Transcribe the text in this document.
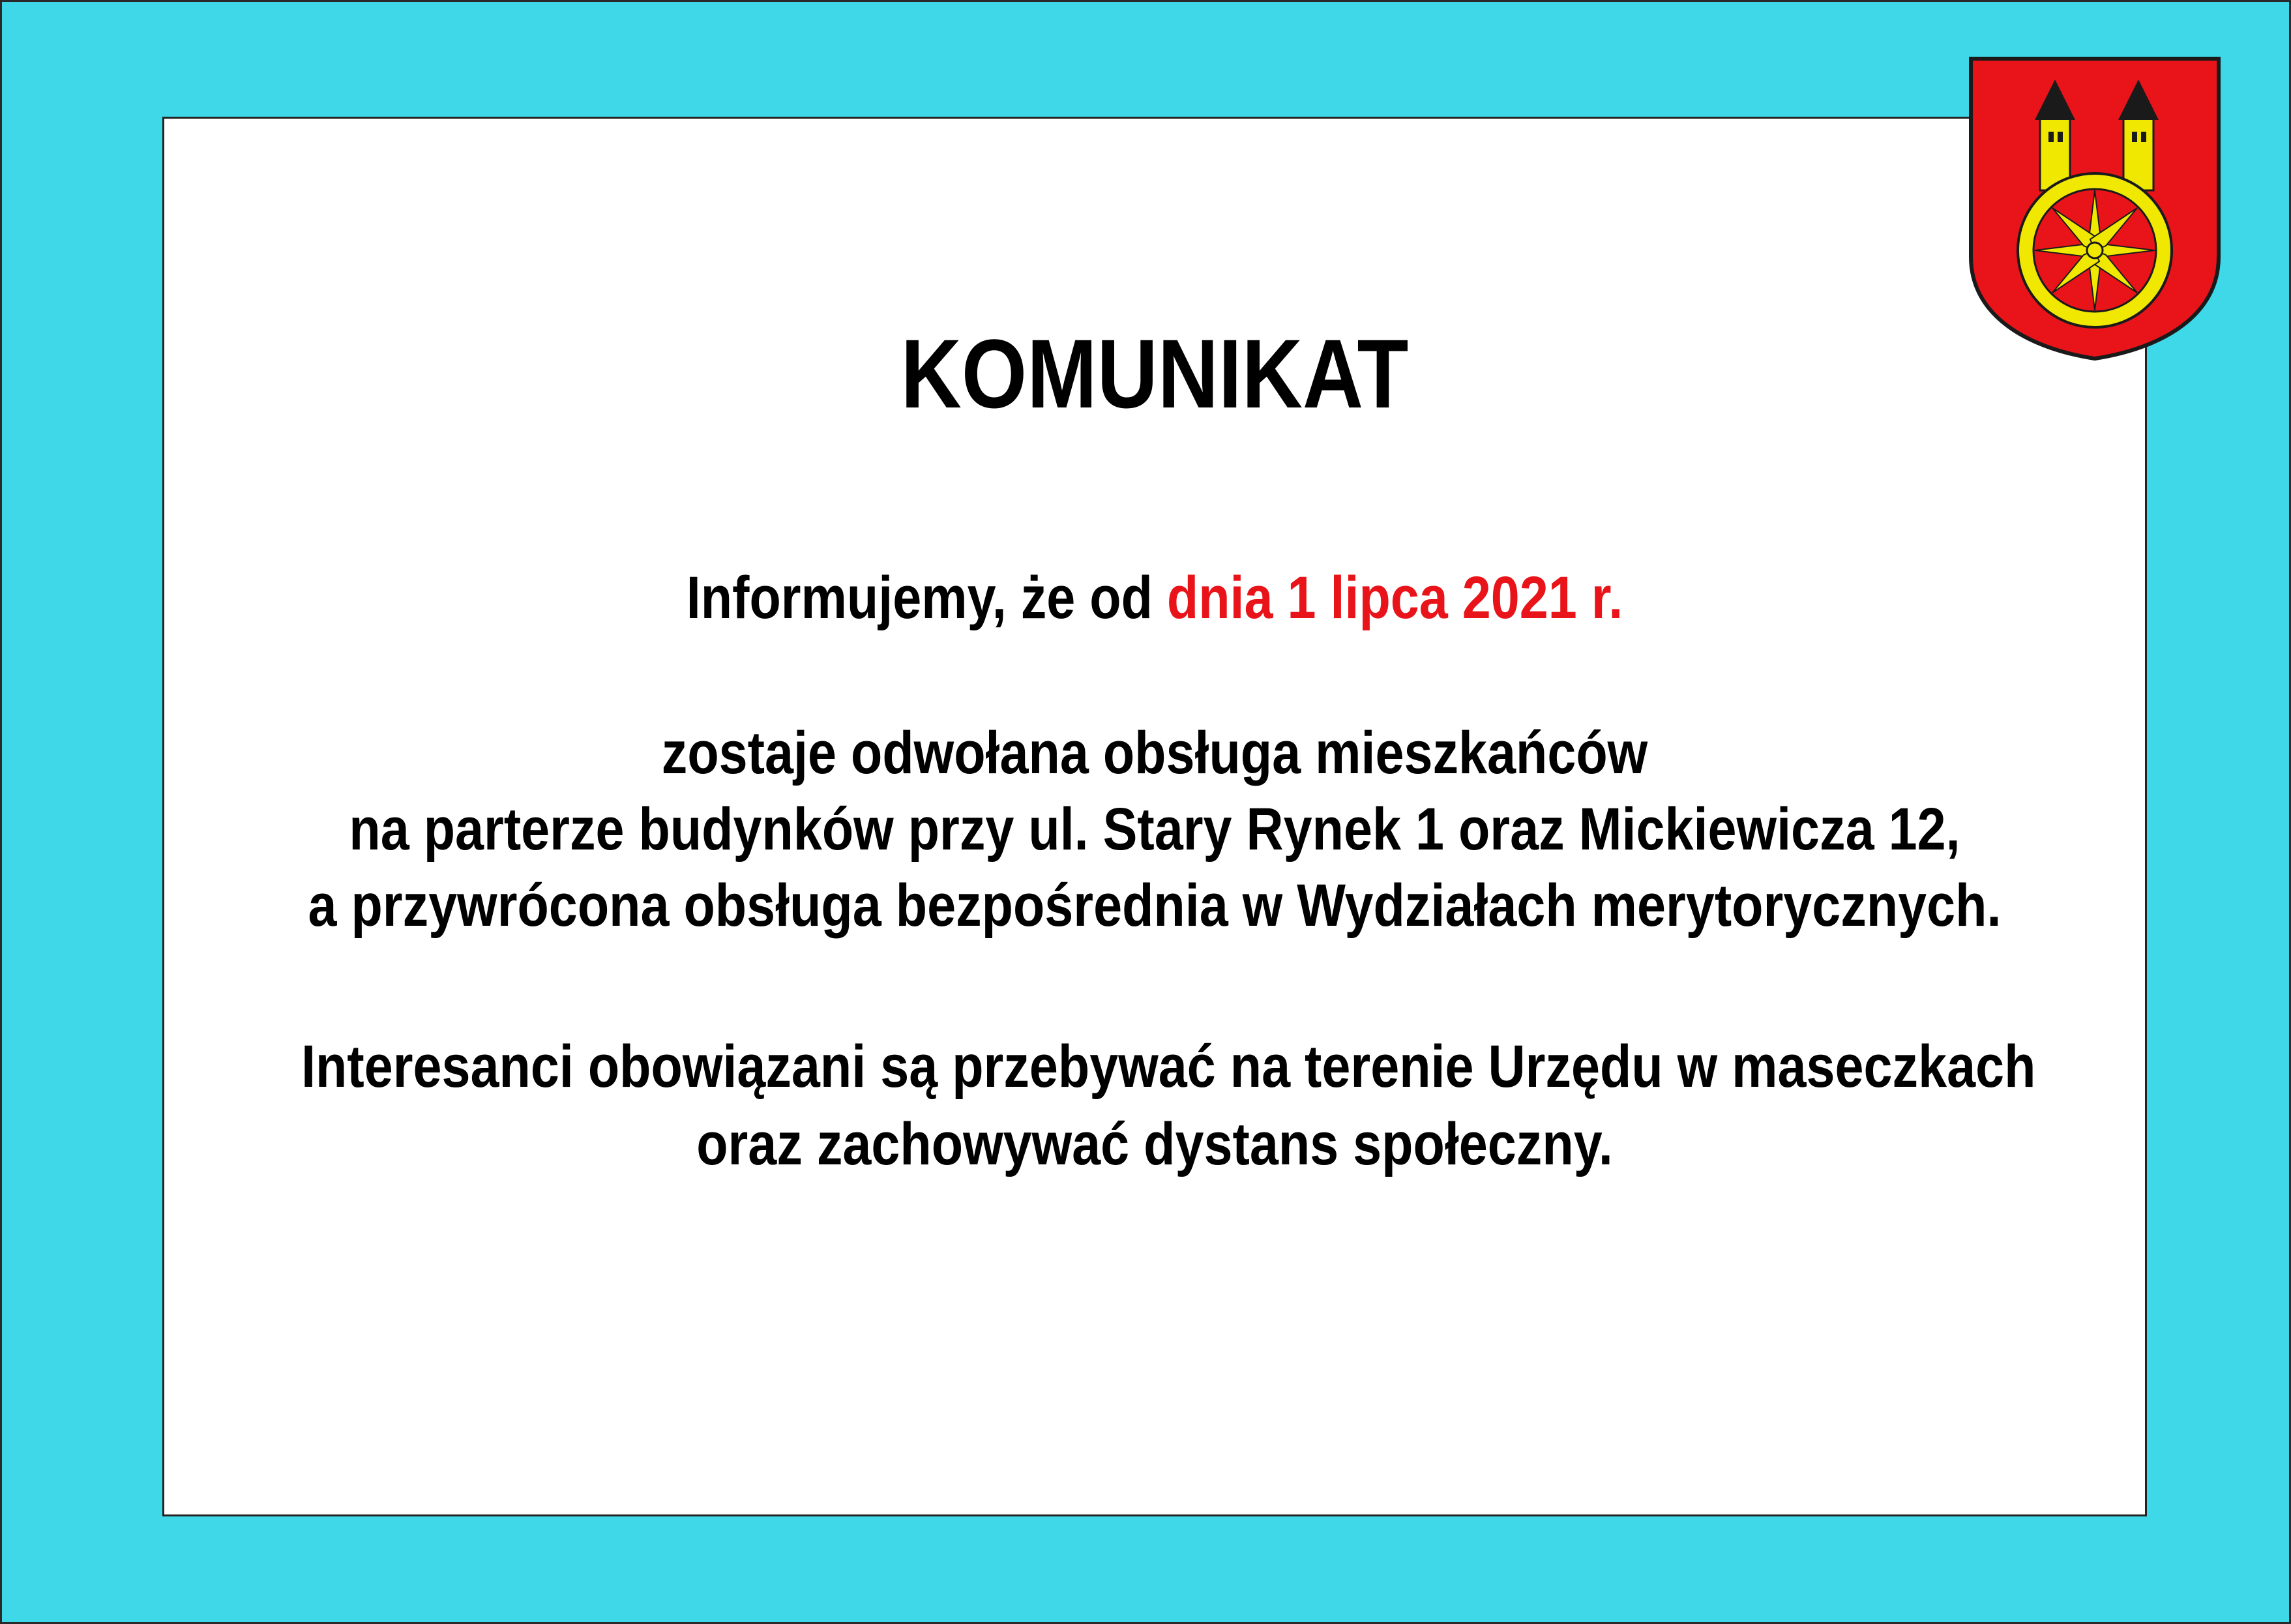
KOMUNIKAT
Informujemy, że od dnia 1 lipca 2021 r.
zostaje odwołana obsługa mieszkańców
na parterze budynków przy ul. Stary Rynek 1 oraz Mickiewicza 12,
a przywrócona obsługa bezpośrednia w Wydziałach merytorycznych.
Interesanci obowiązani są przebywać na terenie Urzędu w maseczkach
oraz zachowywać dystans społeczny.
